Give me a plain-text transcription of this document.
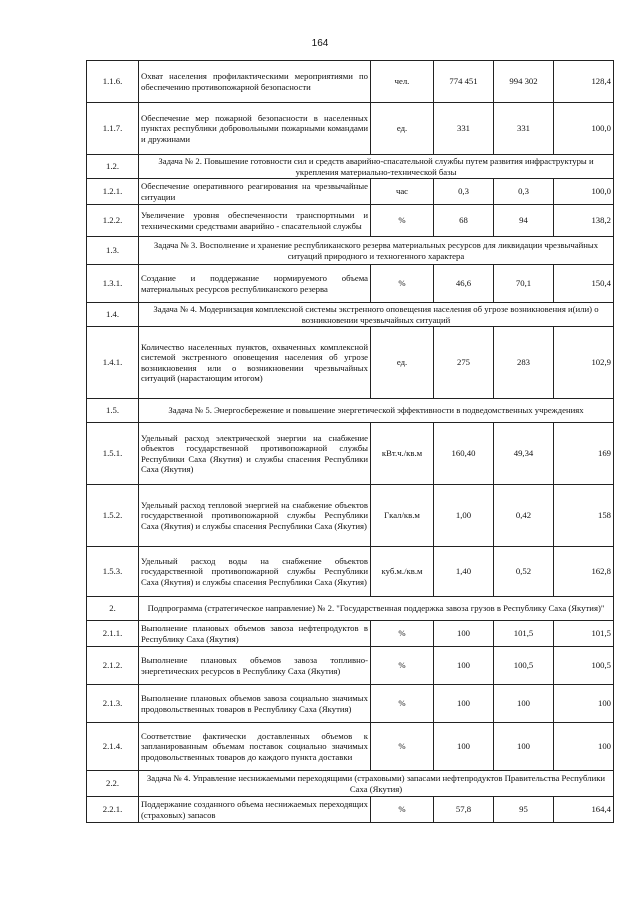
164
1.1.6.	Охват населения профилактическими мероприятиями по обеспечению противопожарной безопасности	чел.	774 451	994 302	128,4
1.1.7.	Обеспечение мер пожарной безопасности в населенных пунктах республики добровольными пожарными командами и дружинами	ед.	331	331	100,0
1.2.	Задача № 2. Повышение готовности сил и средств аварийно-спасательной службы путем развития инфраструктуры и укрепления материально-технической базы				
1.2.1.	Обеспечение оперативного реагирования на чрезвычайные ситуации	час	0,3	0,3	100,0
1.2.2.	Увеличение уровня обеспеченности транспортными и техническими средствами аварийно - спасательной службы	%	68	94	138,2
1.3.	Задача № 3. Восполнение и хранение республиканского резерва материальных ресурсов для ликвидации чрезвычайных ситуаций природного и техногенного характера				
1.3.1.	Создание и поддержание нормируемого объема материальных ресурсов республиканского резерва	%	46,6	70,1	150,4
1.4.	Задача № 4. Модернизация комплексной системы экстренного оповещения населения об угрозе возникновения и(или) о возникновении чрезвычайных ситуаций				
1.4.1.	Количество населенных пунктов, охваченных комплексной системой экстренного оповещения населения об угрозе возникновения или о возникновении чрезвычайных ситуаций (нарастающим итогом)	ед.	275	283	102,9
1.5.	Задача № 5. Энергосбережение и повышение энергетической эффективности в подведомственных учреждениях				
1.5.1.	Удельный расход электрической энергии на снабжение объектов государственной противопожарной службы Республики Саха (Якутия) и службы спасения Республики Саха (Якутия)	кВт.ч./кв.м	160,40	49,34	169
1.5.2.	Удельный расход тепловой энергией на снабжение объектов государственной противопожарной службы Республики Саха (Якутия) и службы спасения Республики Саха (Якутия)	Гкал/кв.м	1,00	0,42	158
1.5.3.	Удельный расход воды на снабжение объектов государственной противопожарной службы Республики Саха (Якутия) и службы спасения Республики Саха (Якутия)	куб.м./кв.м	1,40	0,52	162,8
2.	Подпрограмма (стратегическое направление) № 2. "Государственная поддержка завоза грузов в Республику Саха (Якутия)"				
2.1.1.	Выполнение плановых объемов завоза нефтепродуктов в Республику Саха (Якутия)	%	100	101,5	101,5
2.1.2.	Выполнение плановых объемов завоза топливно-энергетических ресурсов в Республику Саха (Якутия)	%	100	100,5	100,5
2.1.3.	Выполнение плановых объемов завоза социально значимых продовольственных товаров в Республику Саха (Якутия)	%	100	100	100
2.1.4.	Соответствие фактически доставленных объемов к запланированным объемам поставок социально значимых продовольственных товаров до каждого пункта доставки	%	100	100	100
2.2.	Задача № 4. Управление неснижаемыми переходящими (страховыми) запасами нефтепродуктов Правительства Республики Саха (Якутия)				
2.2.1.	Поддержание созданного объема неснижаемых переходящих (страховых) запасов	%	57,8	95	164,4
